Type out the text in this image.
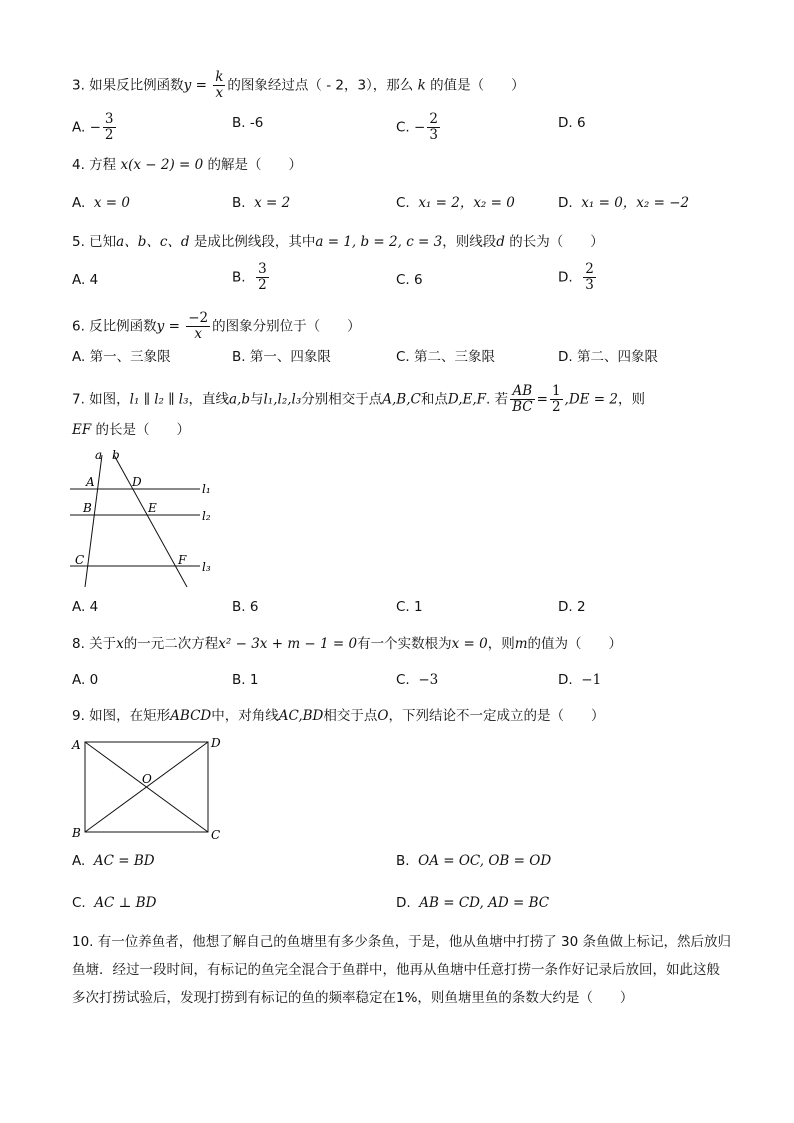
3. 如果反比例函数$y = \frac{k}{x}$ 的图象经过点（ - 2，3），那么 k 的值是（　　）
A. − $\frac{3}{2}$	B. -6	C. − $\frac{2}{3}$	D. 6
4. 方程 x(x − 2) = 0 的解是（　　）
A. x = 0	B. x = 2	C. x₁ = 2，x₂ = 0	D. x₁ = 0，x₂ = −2
5. 已知a、b、c、d 是成比例线段，其中a = 1, b = 2, c = 3，则线段d 的长为（　　）
A. 4	B. $\frac{3}{2}$	C. 6	D. $\frac{2}{3}$
6. 反比例函数$y = \frac{-2}{x}$ 的图象分别位于（　　）
A. 第一、三象限	B. 第一、四象限	C. 第二、三象限	D. 第二、四象限
7. 如图，l₁ ∥ l₂ ∥ l₃，直线a,b与l₁,l₂,l₃分别相交于点A,B,C和点D,E,F. 若 $\frac{AB}{BC} = \frac{1}{2} ,DE = 2$，则
EF 的长是（　　）
a b
A	D
B	E
C	F
l₁
l₂
l₃
A. 4	B. 6	C. 1	D. 2
8. 关于x的一元二次方程x² − 3x + m − 1 = 0有一个实数根为x = 0，则m的值为（　　）
A. 0	B. 1	C. −3	D. −1
9. 如图，在矩形ABCD中，对角线AC,BD相交于点O，下列结论不一定成立的是（　　）
A	D
O
B	C
A. AC = BD	B. OA = OC, OB = OD
C. AC ⊥ BD	D. AB = CD, AD = BC
10. 有一位养鱼者，他想了解自己的鱼塘里有多少条鱼，于是，他从鱼塘中打捞了 30 条鱼做上标记，然后放归鱼塘．经过一段时间，有标记的鱼完全混合于鱼群中，他再从鱼塘中任意打捞一条作好记录后放回，如此这般多次打捞试验后，发现打捞到有标记的鱼的频率稳定在1%，则鱼塘里鱼的条数大约是（　　）
